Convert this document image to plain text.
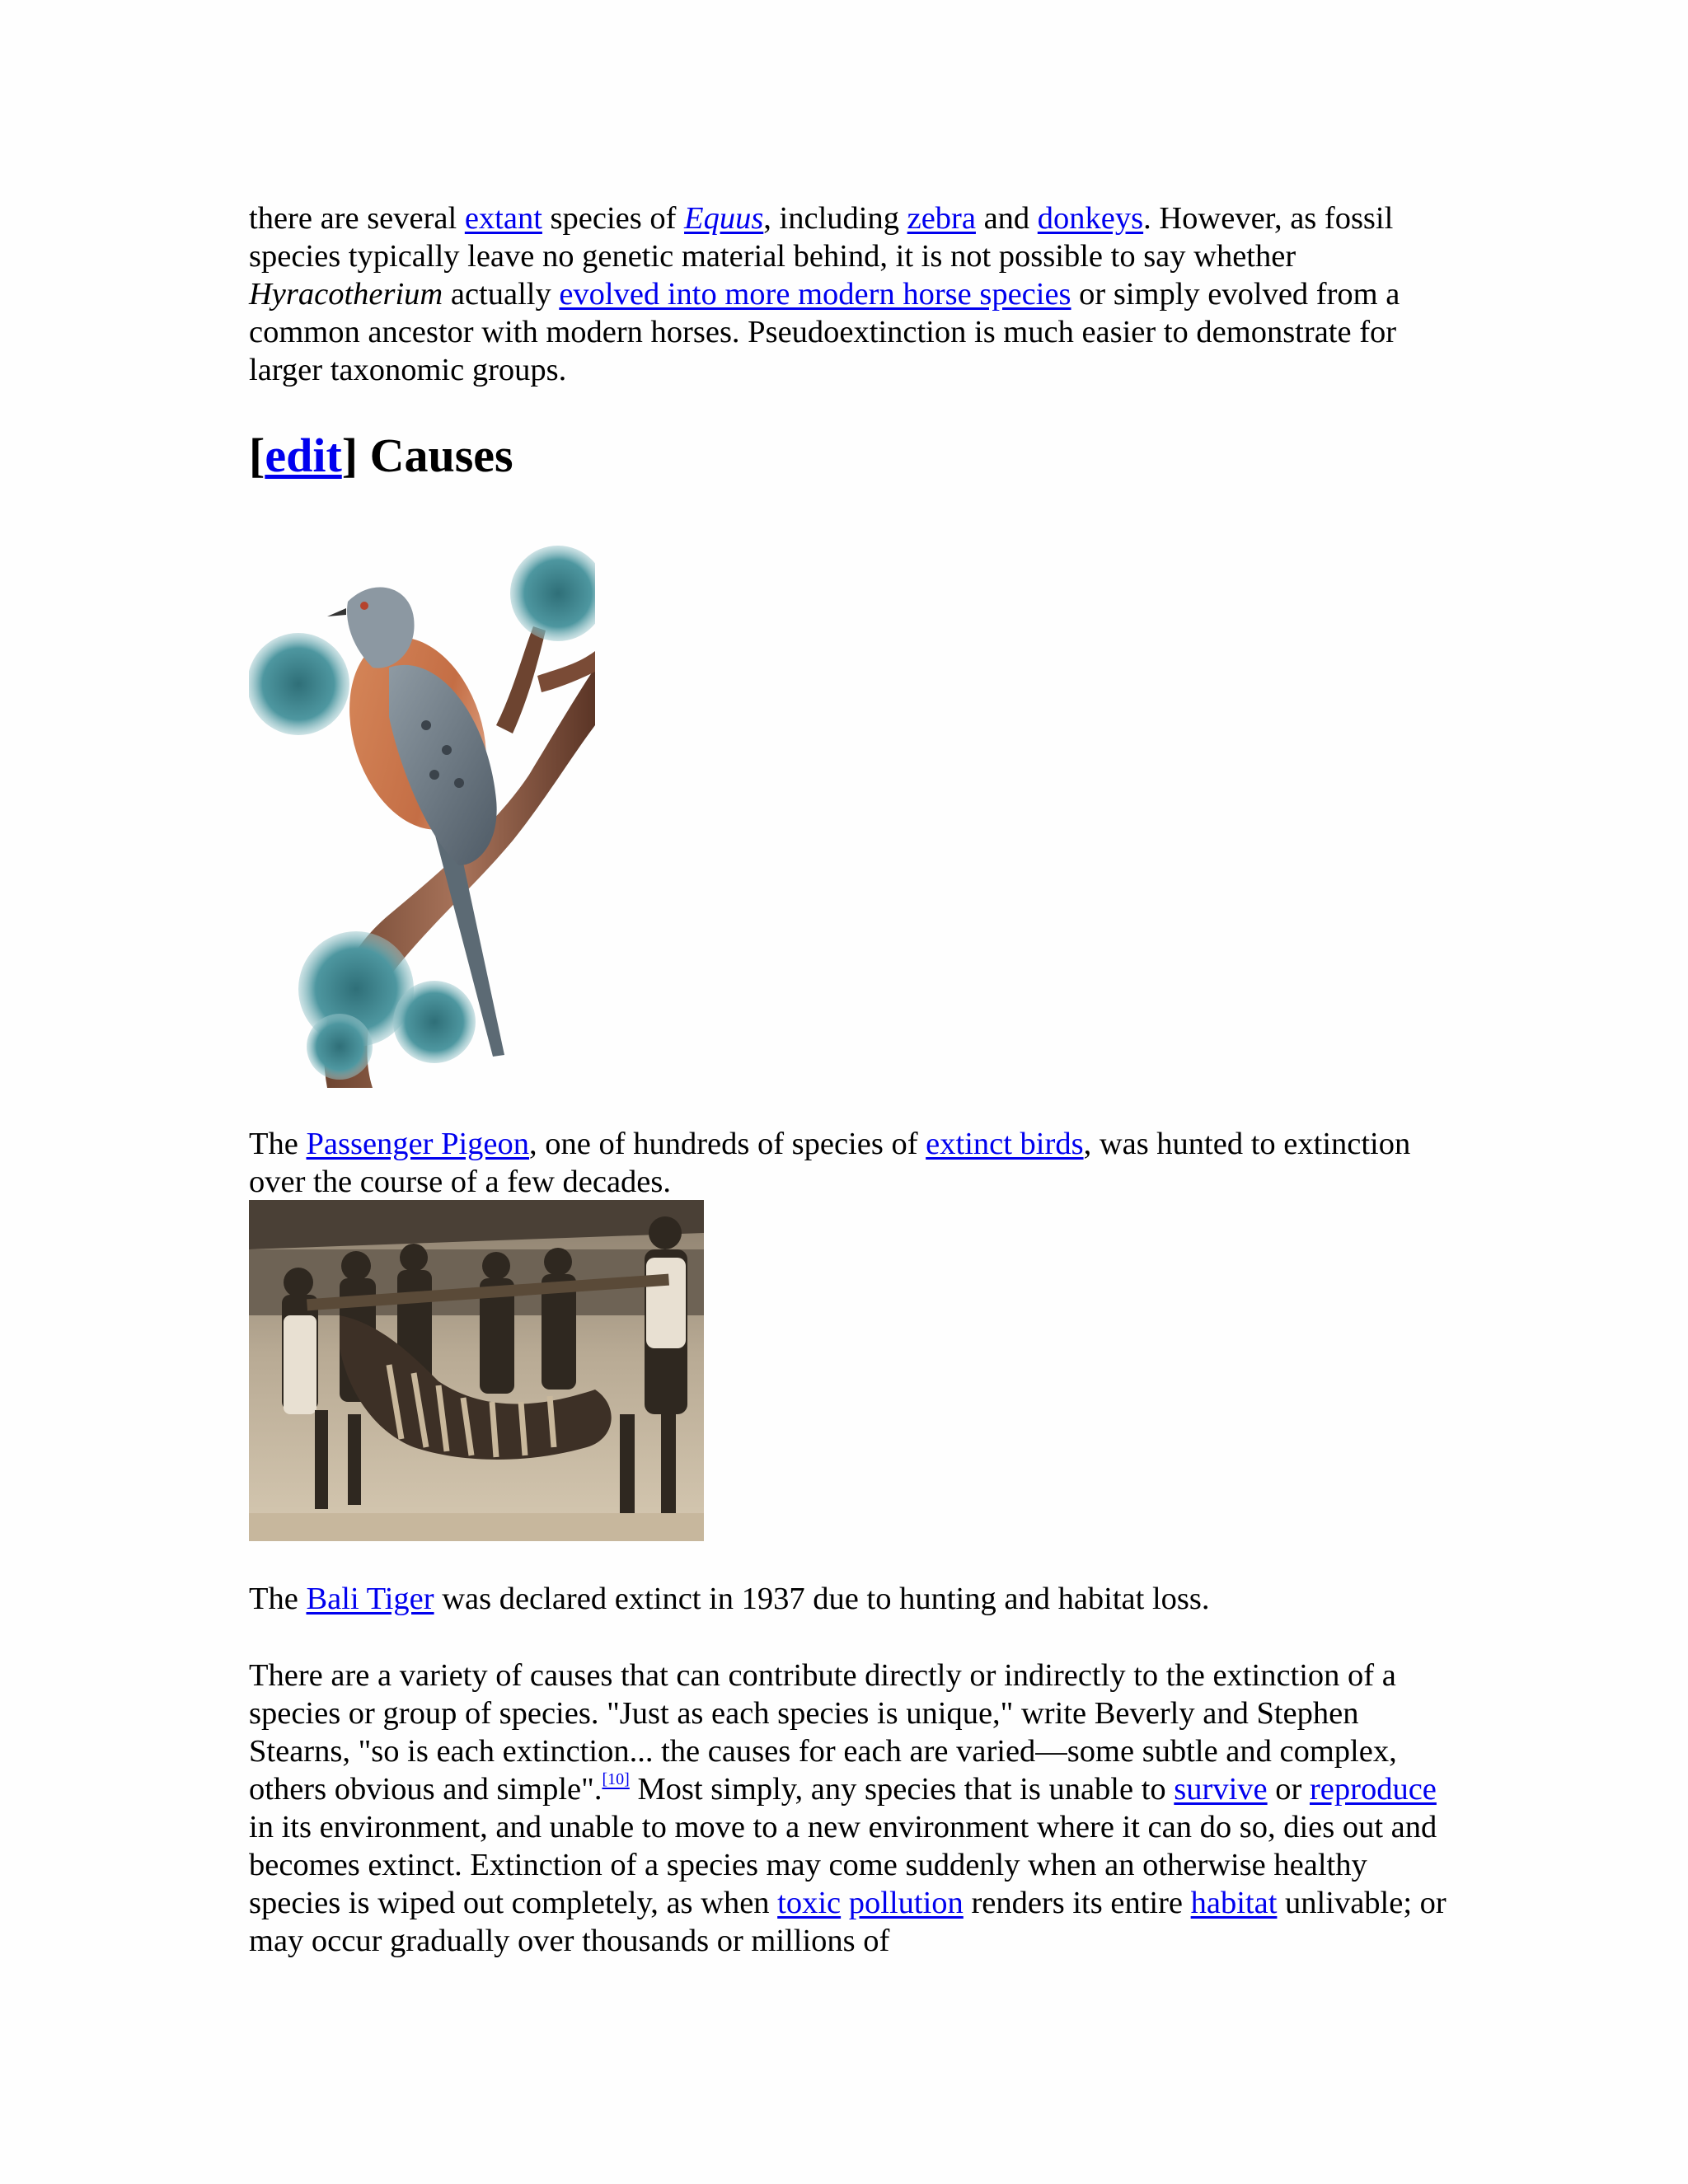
there are several extant species of Equus, including zebra and donkeys. However, as fossil species typically leave no genetic material behind, it is not possible to say whether Hyracotherium actually evolved into more modern horse species or simply evolved from a common ancestor with modern horses. Pseudoextinction is much easier to demonstrate for larger taxonomic groups.

[edit] Causes

The Passenger Pigeon, one of hundreds of species of extinct birds, was hunted to extinction over the course of a few decades.

The Bali Tiger was declared extinct in 1937 due to hunting and habitat loss.

There are a variety of causes that can contribute directly or indirectly to the extinction of a species or group of species. "Just as each species is unique," write Beverly and Stephen Stearns, "so is each extinction... the causes for each are varied—some subtle and complex, others obvious and simple".[10] Most simply, any species that is unable to survive or reproduce in its environment, and unable to move to a new environment where it can do so, dies out and becomes extinct. Extinction of a species may come suddenly when an otherwise healthy species is wiped out completely, as when toxic pollution renders its entire habitat unlivable; or may occur gradually over thousands or millions of
